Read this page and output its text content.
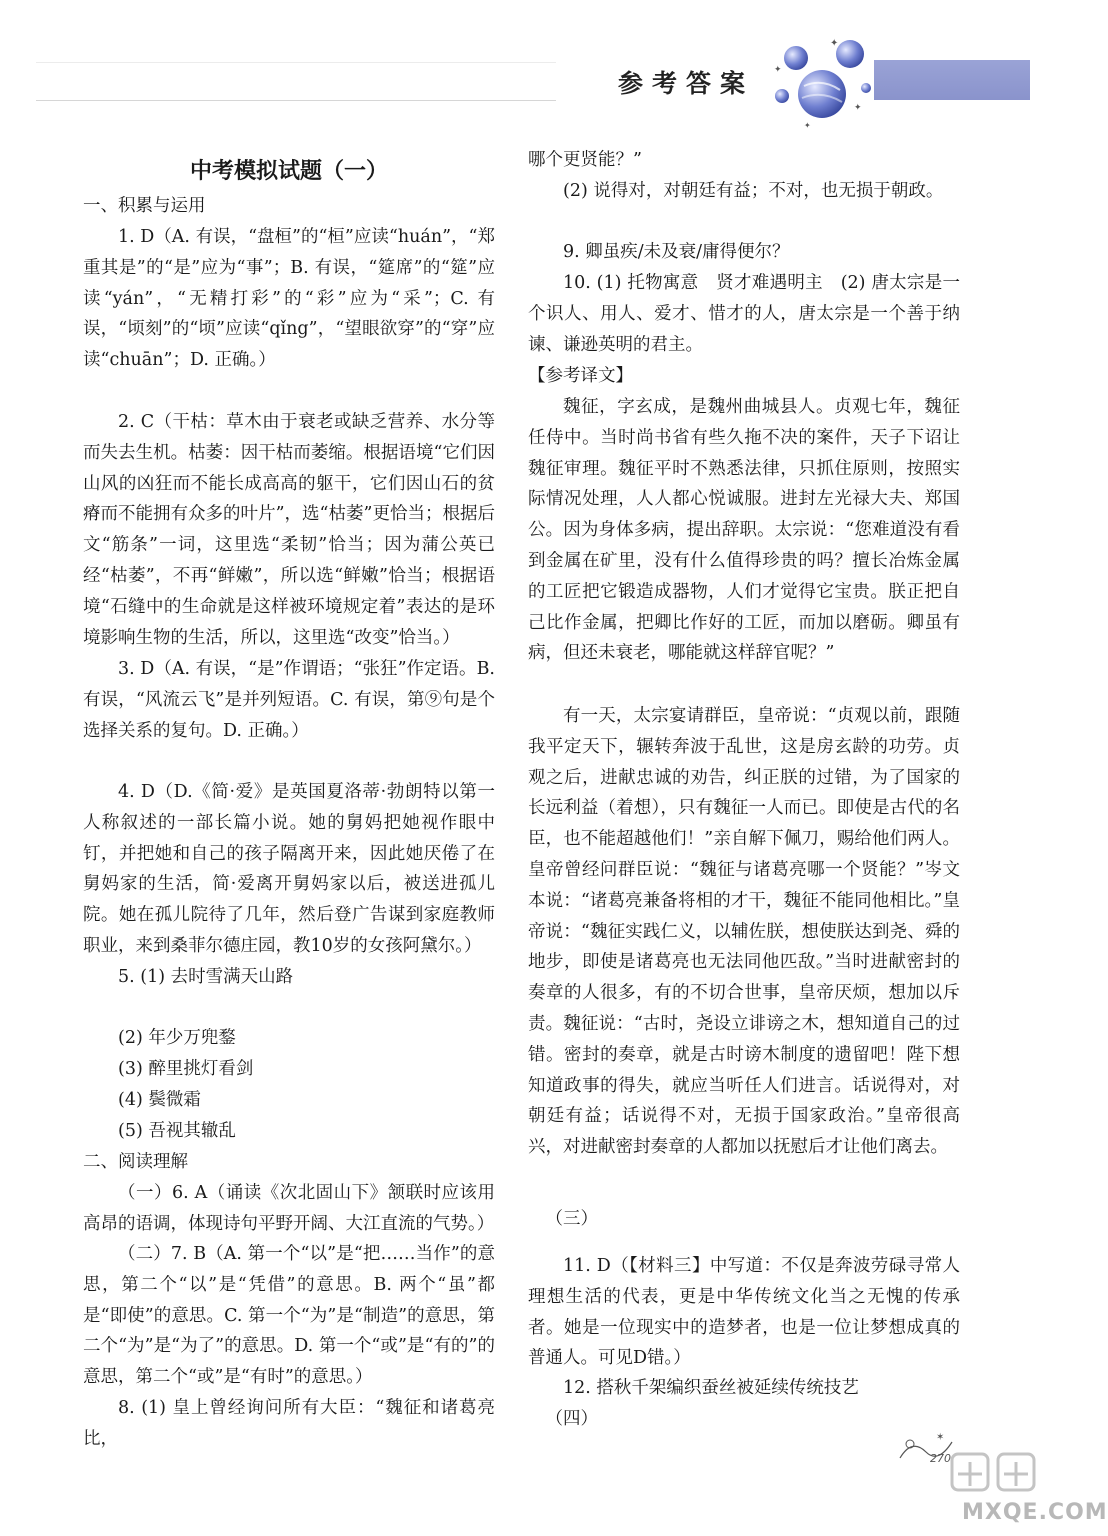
参考答案
✦
✦
✦
✦
中考模拟试题（一）

一、积累与运用

1. D（A. 有误，“盘桓”的“桓”应读“huán”，“郑重其是”的“是”应为“事”；B. 有误，“筵席”的“筵”应读“yán”，“无精打彩”的“彩”应为“采”；C. 有误，“顷刻”的“顷”应读“qǐng”，“望眼欲穿”的“穿”应读“chuān”；D. 正确。）

2. C（干枯：草木由于衰老或缺乏营养、水分等而失去生机。枯萎：因干枯而萎缩。根据语境“它们因山风的凶狂而不能长成高高的躯干，它们因山石的贫瘠而不能拥有众多的叶片”，选“枯萎”更恰当；根据后文“筋条”一词，这里选“柔韧”恰当；因为蒲公英已经“枯萎”，不再“鲜嫩”，所以选“鲜嫩”恰当；根据语境“石缝中的生命就是这样被环境规定着”表达的是环境影响生物的生活，所以，这里选“改变”恰当。）

3. D（A. 有误，“是”作谓语；“张狂”作定语。B. 有误，“风流云飞”是并列短语。C. 有误，第⑨句是个选择关系的复句。D. 正确。）

4. D（D.《简·爱》是英国夏洛蒂·勃朗特以第一人称叙述的一部长篇小说。她的舅妈把她视作眼中钉，并把她和自己的孩子隔离开来，因此她厌倦了在舅妈家的生活，简·爱离开舅妈家以后，被送进孤儿院。她在孤儿院待了几年，然后登广告谋到家庭教师职业，来到桑菲尔德庄园，教10岁的女孩阿黛尔。）

5. (1) 去时雪满天山路

(2) 年少万兜鍪

(3) 醉里挑灯看剑

(4) 鬓微霜

(5) 吾视其辙乱

二、阅读理解

（一）6. A（诵读《次北固山下》颔联时应该用高昂的语调，体现诗句平野开阔、大江直流的气势。）

（二）7. B（A. 第一个“以”是“把……当作”的意思，第二个“以”是“凭借”的意思。B. 两个“虽”都是“即使”的意思。C. 第一个“为”是“制造”的意思，第二个“为”是“为了”的意思。D. 第一个“或”是“有的”的意思，第二个“或”是“有时”的意思。）

8. (1) 皇上曾经询问所有大臣：“魏征和诸葛亮比，

哪个更贤能？”

(2) 说得对，对朝廷有益；不对，也无损于朝政。

9. 卿虽疾/未及衰/庸得便尔？

10. (1) 托物寓意　贤才难遇明主　(2) 唐太宗是一个识人、用人、爱才、惜才的人，唐太宗是一个善于纳谏、谦逊英明的君主。

【参考译文】

魏征，字玄成，是魏州曲城县人。贞观七年，魏征任侍中。当时尚书省有些久拖不决的案件，天子下诏让魏征审理。魏征平时不熟悉法律，只抓住原则，按照实际情况处理，人人都心悦诚服。进封左光禄大夫、郑国公。因为身体多病，提出辞职。太宗说：“您难道没有看到金属在矿里，没有什么值得珍贵的吗？擅长冶炼金属的工匠把它锻造成器物，人们才觉得它宝贵。朕正把自己比作金属，把卿比作好的工匠，而加以磨砺。卿虽有病，但还未衰老，哪能就这样辞官呢？”

有一天，太宗宴请群臣，皇帝说：“贞观以前，跟随我平定天下，辗转奔波于乱世，这是房玄龄的功劳。贞观之后，进献忠诚的劝告，纠正朕的过错，为了国家的长远利益（着想），只有魏征一人而已。即使是古代的名臣，也不能超越他们！”亲自解下佩刀，赐给他们两人。皇帝曾经问群臣说：“魏征与诸葛亮哪一个贤能？”岑文本说：“诸葛亮兼备将相的才干，魏征不能同他相比。”皇帝说：“魏征实践仁义，以辅佐朕，想使朕达到尧、舜的地步，即使是诸葛亮也无法同他匹敌。”当时进献密封的奏章的人很多，有的不切合世事，皇帝厌烦，想加以斥责。魏征说：“古时，尧设立诽谤之木，想知道自己的过错。密封的奏章，就是古时谤木制度的遗留吧！陛下想知道政事的得失，就应当听任人们进言。话说得对，对朝廷有益；话说得不对，无损于国家政治。”皇帝很高兴，对进献密封奏章的人都加以抚慰后才让他们离去。

（三）

11. D（【材料三】中写道：不仅是奔波劳碌寻常人理想生活的代表，更是中华传统文化当之无愧的传承者。她是一位现实中的造梦者，也是一位让梦想成真的普通人。可见D错。）

12. 搭秋千架编织蚕丝被延续传统技艺

（四）

✶
270
MXQE.COM
